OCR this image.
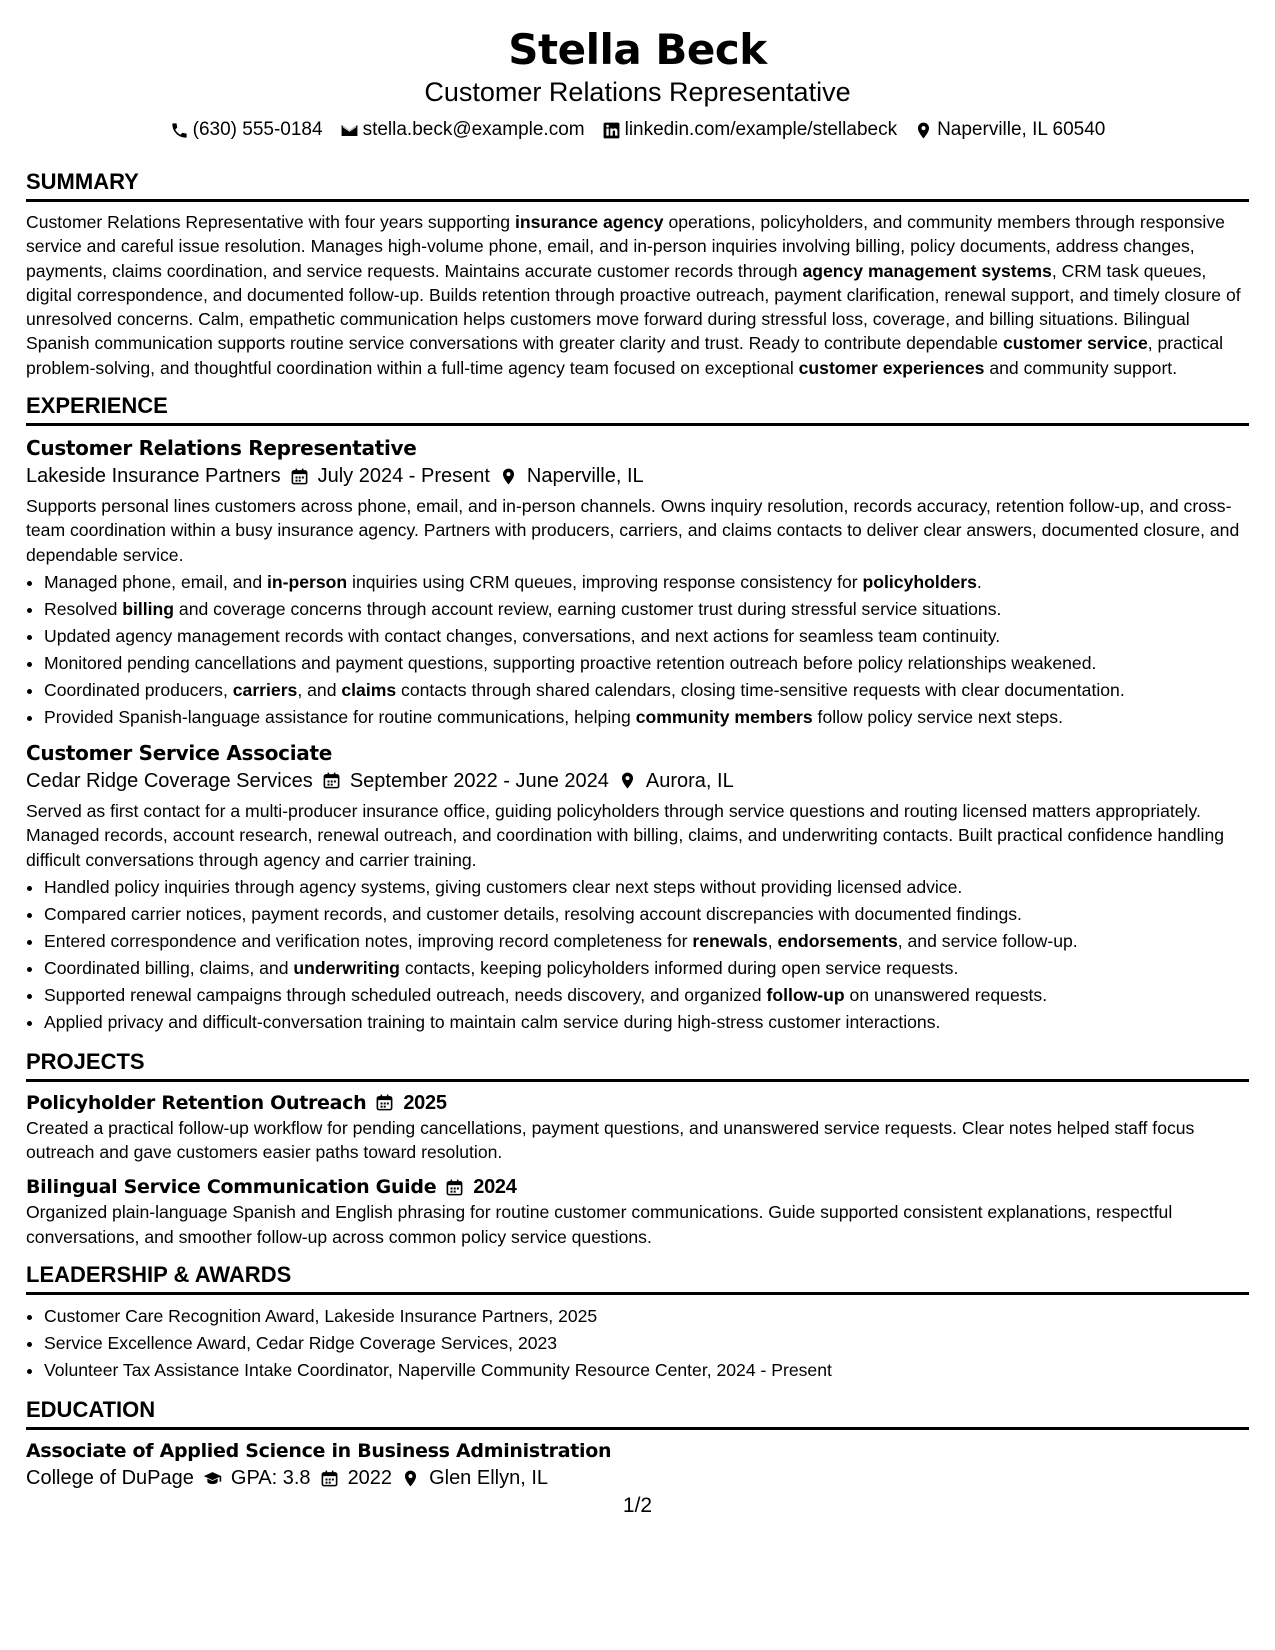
Stella Beck
Customer Relations Representative
(630) 555-0184 stella.beck@example.com linkedin.com/example/stellabeck Naperville, IL 60540
SUMMARY

Customer Relations Representative with four years supporting insurance agency operations, policyholders, and community members through responsive service and careful issue resolution. Manages high-volume phone, email, and in-person inquiries involving billing, policy documents, address changes, payments, claims coordination, and service requests. Maintains accurate customer records through agency management systems, CRM task queues, digital correspondence, and documented follow-up. Builds retention through proactive outreach, payment clarification, renewal support, and timely closure of unresolved concerns. Calm, empathetic communication helps customers move forward during stressful loss, coverage, and billing situations. Bilingual Spanish communication supports routine service conversations with greater clarity and trust. Ready to contribute dependable customer service, practical problem-solving, and thoughtful coordination within a full-time agency team focused on exceptional customer experiences and community support.

EXPERIENCE
Customer Relations Representative
Lakeside Insurance Partners July 2024 - Present Naperville, IL

Supports personal lines customers across phone, email, and in-person channels. Owns inquiry resolution, records accuracy, retention follow-up, and cross-team coordination within a busy insurance agency. Partners with producers, carriers, and claims contacts to deliver clear answers, documented closure, and dependable service.

• Managed phone, email, and in-person inquiries using CRM queues, improving response consistency for policyholders.
• Resolved billing and coverage concerns through account review, earning customer trust during stressful service situations.
• Updated agency management records with contact changes, conversations, and next actions for seamless team continuity.
• Monitored pending cancellations and payment questions, supporting proactive retention outreach before policy relationships weakened.
• Coordinated producers, carriers, and claims contacts through shared calendars, closing time-sensitive requests with clear documentation.
• Provided Spanish-language assistance for routine communications, helping community members follow policy service next steps.
Customer Service Associate
Cedar Ridge Coverage Services September 2022 - June 2024 Aurora, IL

Served as first contact for a multi-producer insurance office, guiding policyholders through service questions and routing licensed matters appropriately. Managed records, account research, renewal outreach, and coordination with billing, claims, and underwriting contacts. Built practical confidence handling difficult conversations through agency and carrier training.

• Handled policy inquiries through agency systems, giving customers clear next steps without providing licensed advice.
• Compared carrier notices, payment records, and customer details, resolving account discrepancies with documented findings.
• Entered correspondence and verification notes, improving record completeness for renewals, endorsements, and service follow-up.
• Coordinated billing, claims, and underwriting contacts, keeping policyholders informed during open service requests.
• Supported renewal campaigns through scheduled outreach, needs discovery, and organized follow-up on unanswered requests.
• Applied privacy and difficult-conversation training to maintain calm service during high-stress customer interactions.
PROJECTS
Policyholder Retention Outreach 2025

Created a practical follow-up workflow for pending cancellations, payment questions, and unanswered service requests. Clear notes helped staff focus outreach and gave customers easier paths toward resolution.

Bilingual Service Communication Guide 2024

Organized plain-language Spanish and English phrasing for routine customer communications. Guide supported consistent explanations, respectful conversations, and smoother follow-up across common policy service questions.

LEADERSHIP & AWARDS
• Customer Care Recognition Award, Lakeside Insurance Partners, 2025
• Service Excellence Award, Cedar Ridge Coverage Services, 2023
• Volunteer Tax Assistance Intake Coordinator, Naperville Community Resource Center, 2024 - Present
EDUCATION
Associate of Applied Science in Business Administration
College of DuPage GPA: 3.8 2022 Glen Ellyn, IL
1/2
